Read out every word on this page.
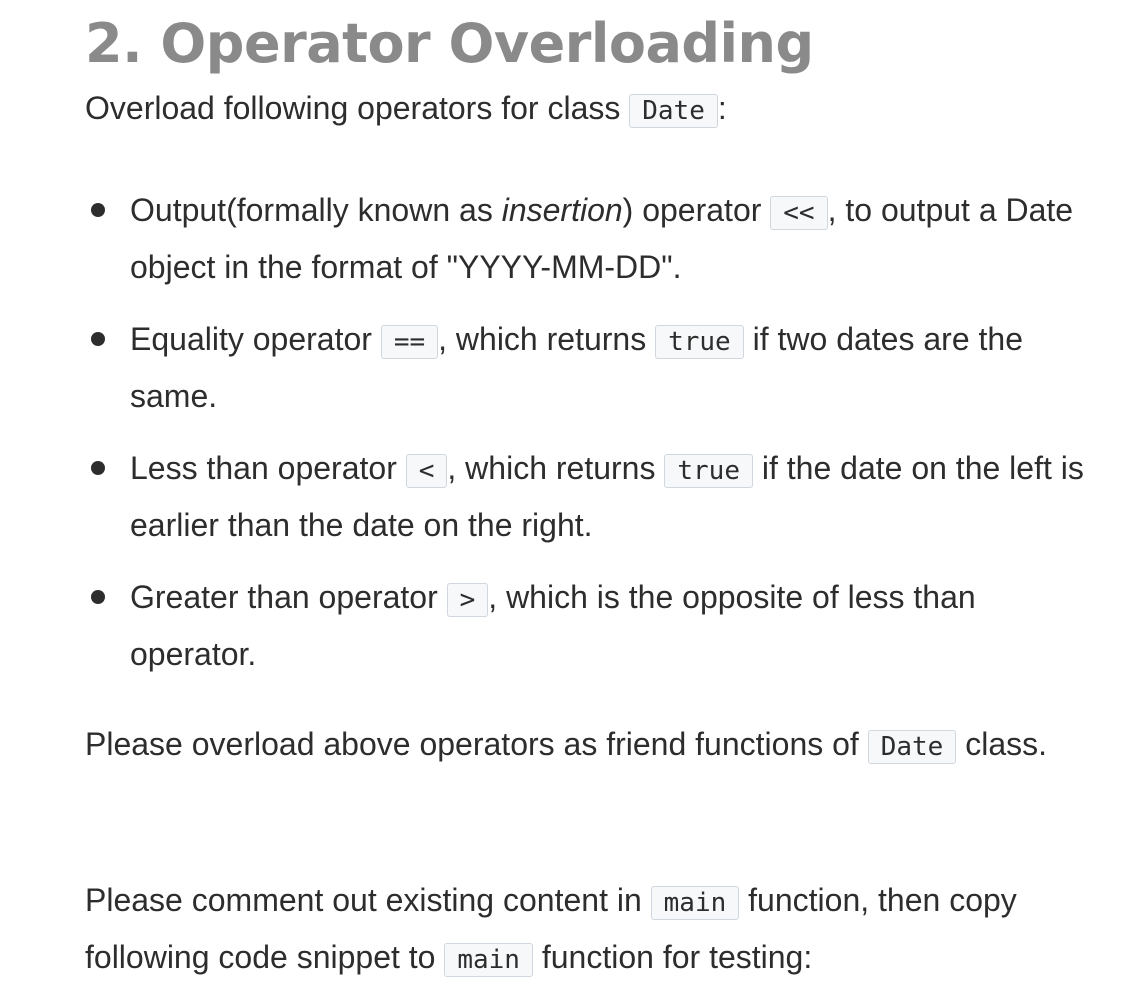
2. Operator Overloading

Overload following operators for class Date :

Output(formally known as insertion) operator << , to output a Date object in the format of "YYYY-MM-DD".
Equality operator == , which returns true if two dates are the same.
Less than operator < , which returns true if the date on the left is earlier than the date on the right.
Greater than operator > , which is the opposite of less than operator.

Please overload above operators as friend functions of Date class.

Please comment out existing content in main function, then copy following code snippet to main function for testing:
